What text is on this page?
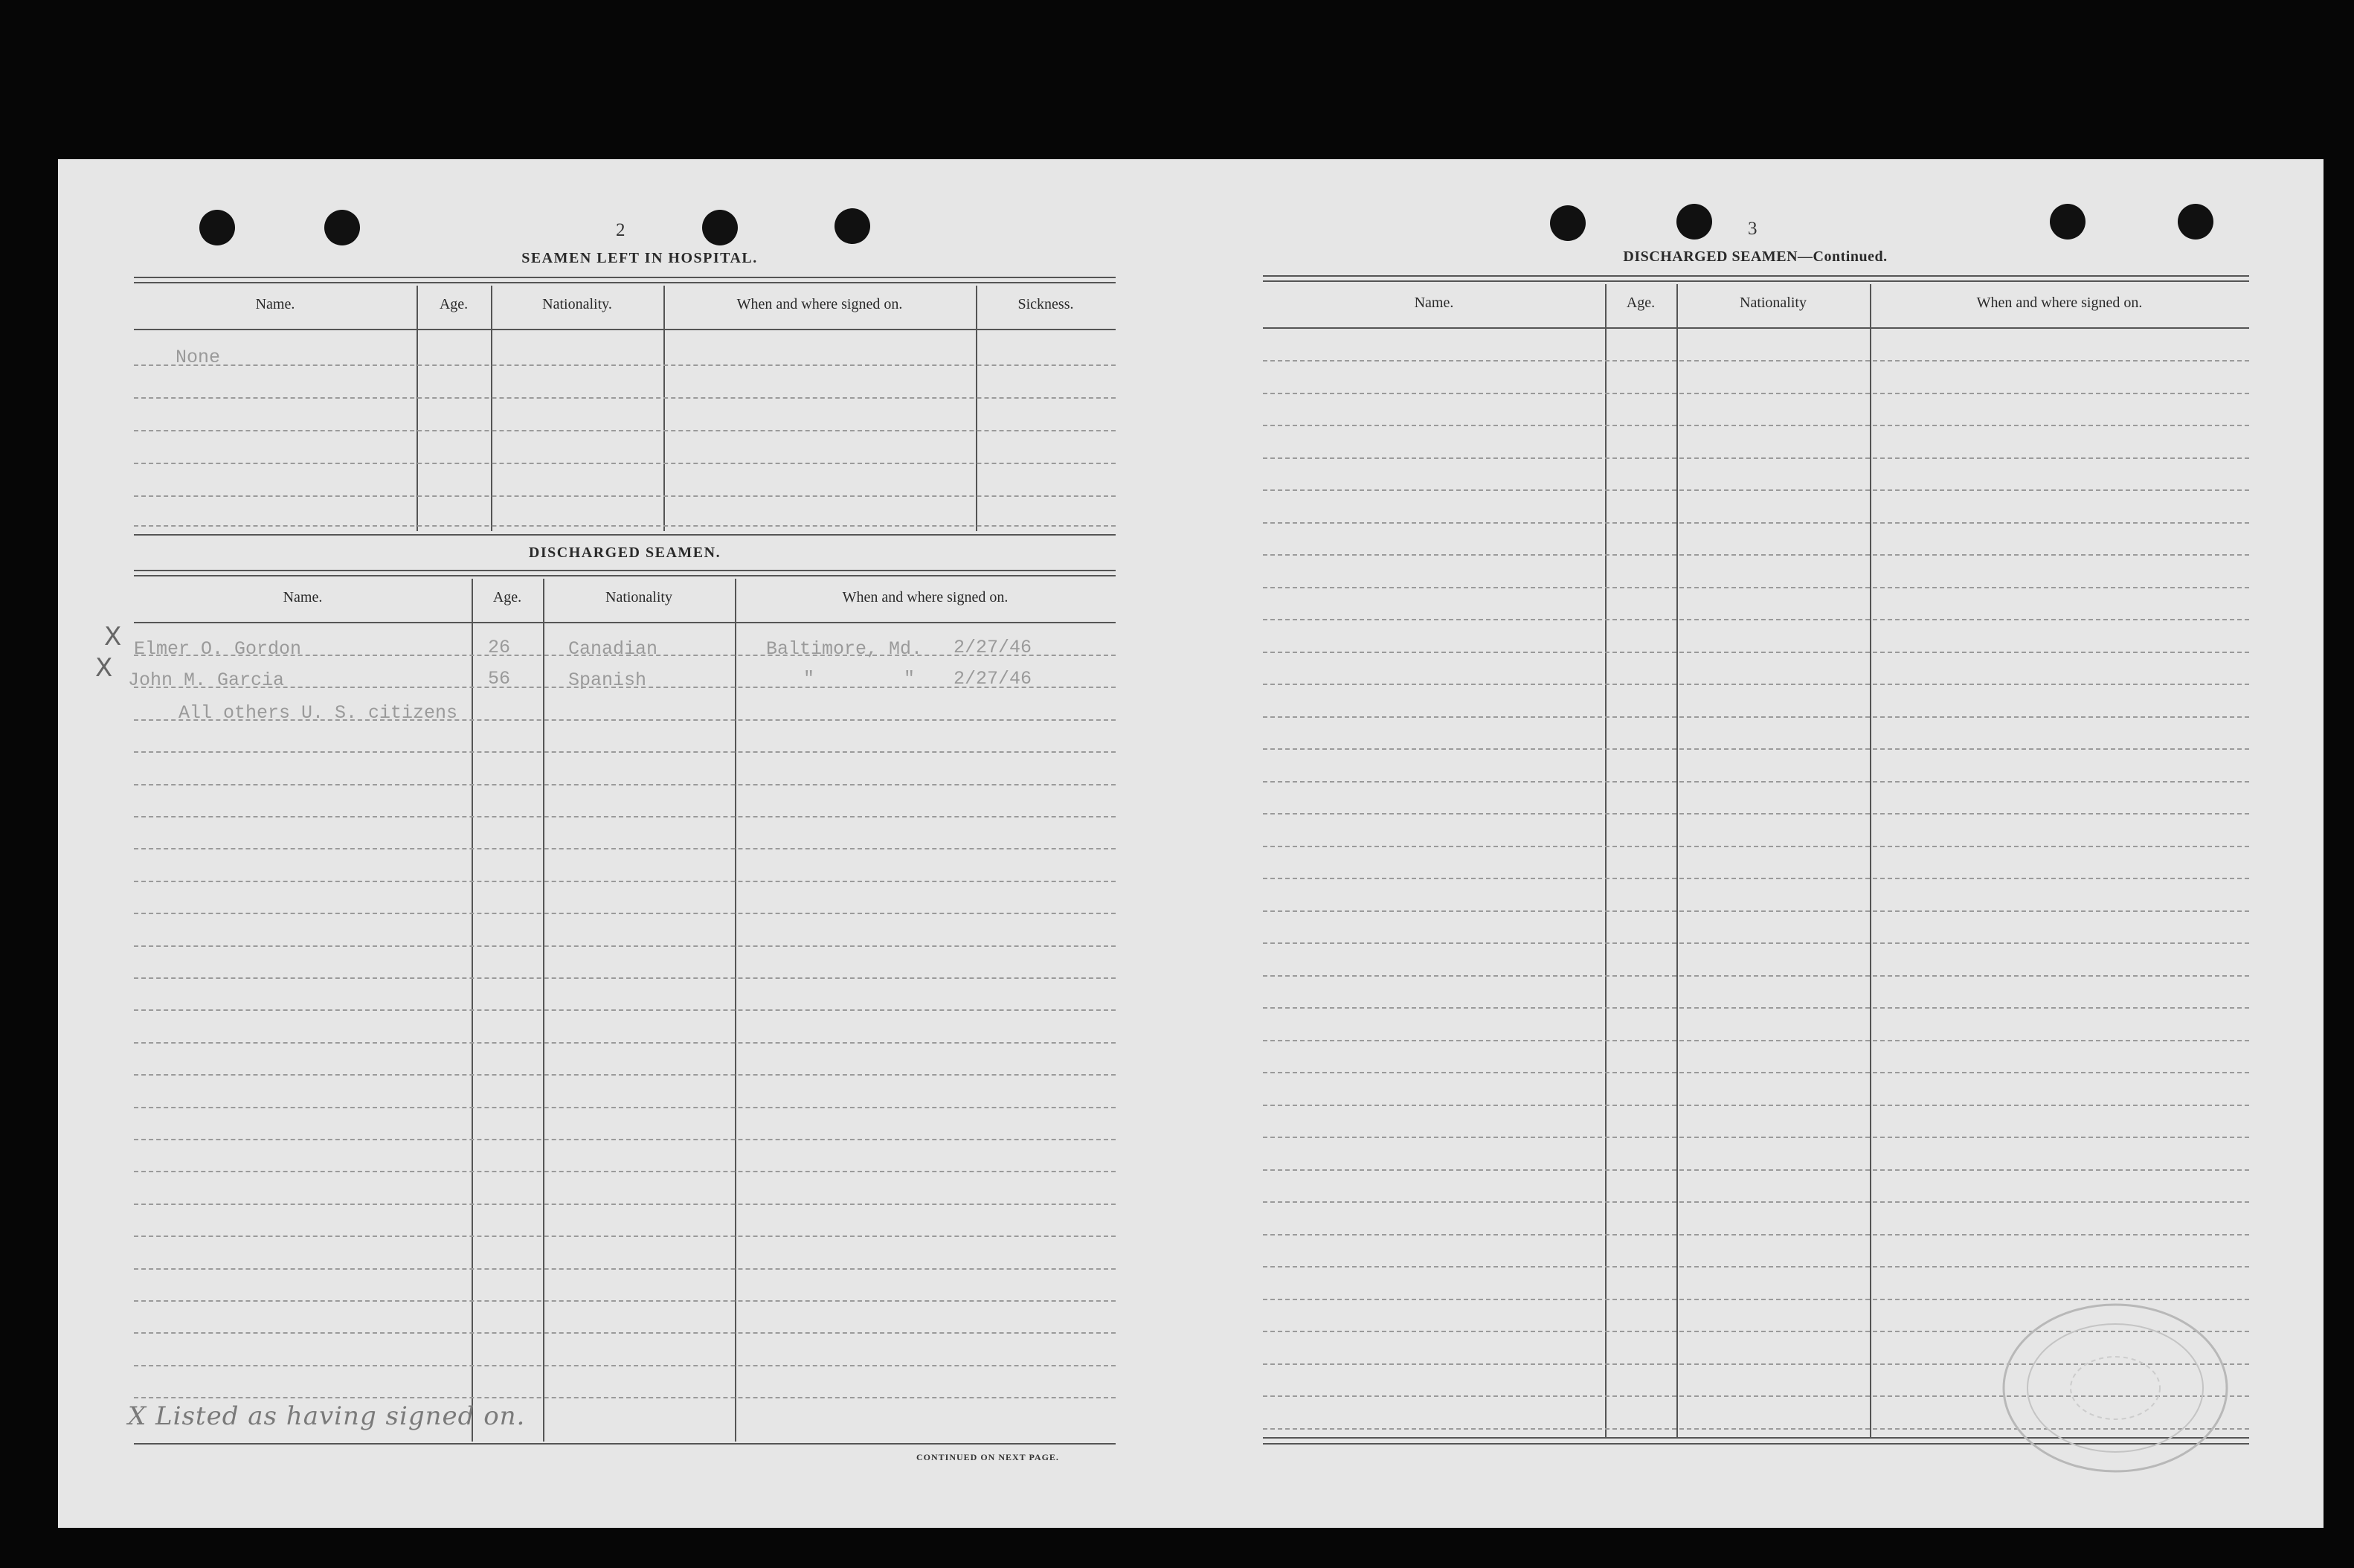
2
SEAMEN LEFT IN HOSPITAL.
Name.	Age.	Nationality.	When and where signed on.	Sickness.
None
DISCHARGED SEAMEN.
Name.	Age.	Nationality	When and where signed on.
X Elmer O. Gordon	26	Canadian	Baltimore, Md. 2/27/46
X John M. Garcia	56	Spanish	"        " 2/27/46
All others U. S. citizens
X Listed as having signed on.
CONTINUED ON NEXT PAGE.
3
DISCHARGED SEAMEN—Continued.
Name.	Age.	Nationality	When and where signed on.
